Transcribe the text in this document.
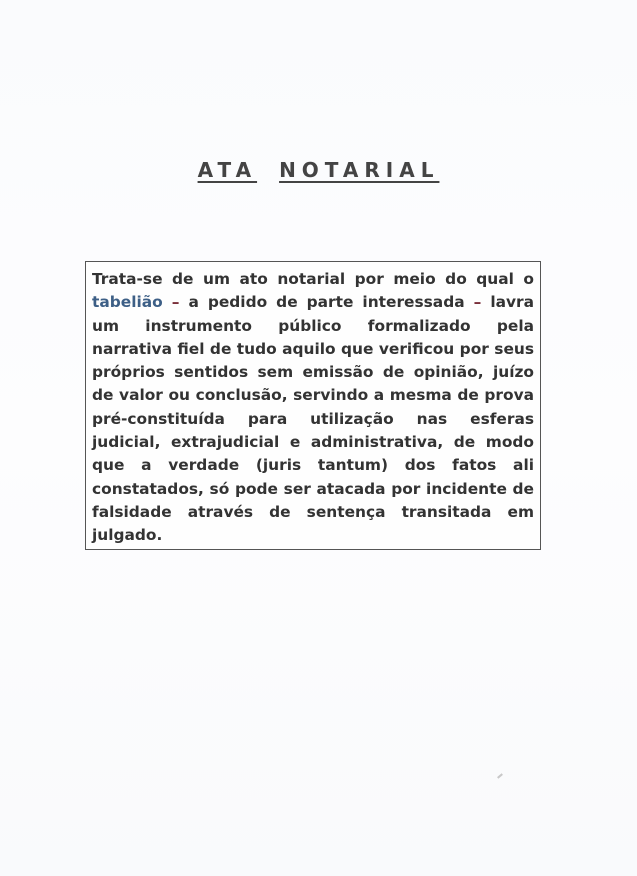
ATA NOTARIAL

Trata-se de um ato notarial por meio do qual o tabelião – a pedido de parte interessada – lavra um instrumento público formalizado pela narrativa fiel de tudo aquilo que verificou por seus próprios sentidos sem emissão de opinião, juízo de valor ou conclusão, servindo a mesma de prova pré-constituída para utilização nas esferas judicial, extrajudicial e administrativa, de modo que a verdade (juris tantum) dos fatos ali constatados, só pode ser atacada por incidente de falsidade através de sentença transitada em julgado.
